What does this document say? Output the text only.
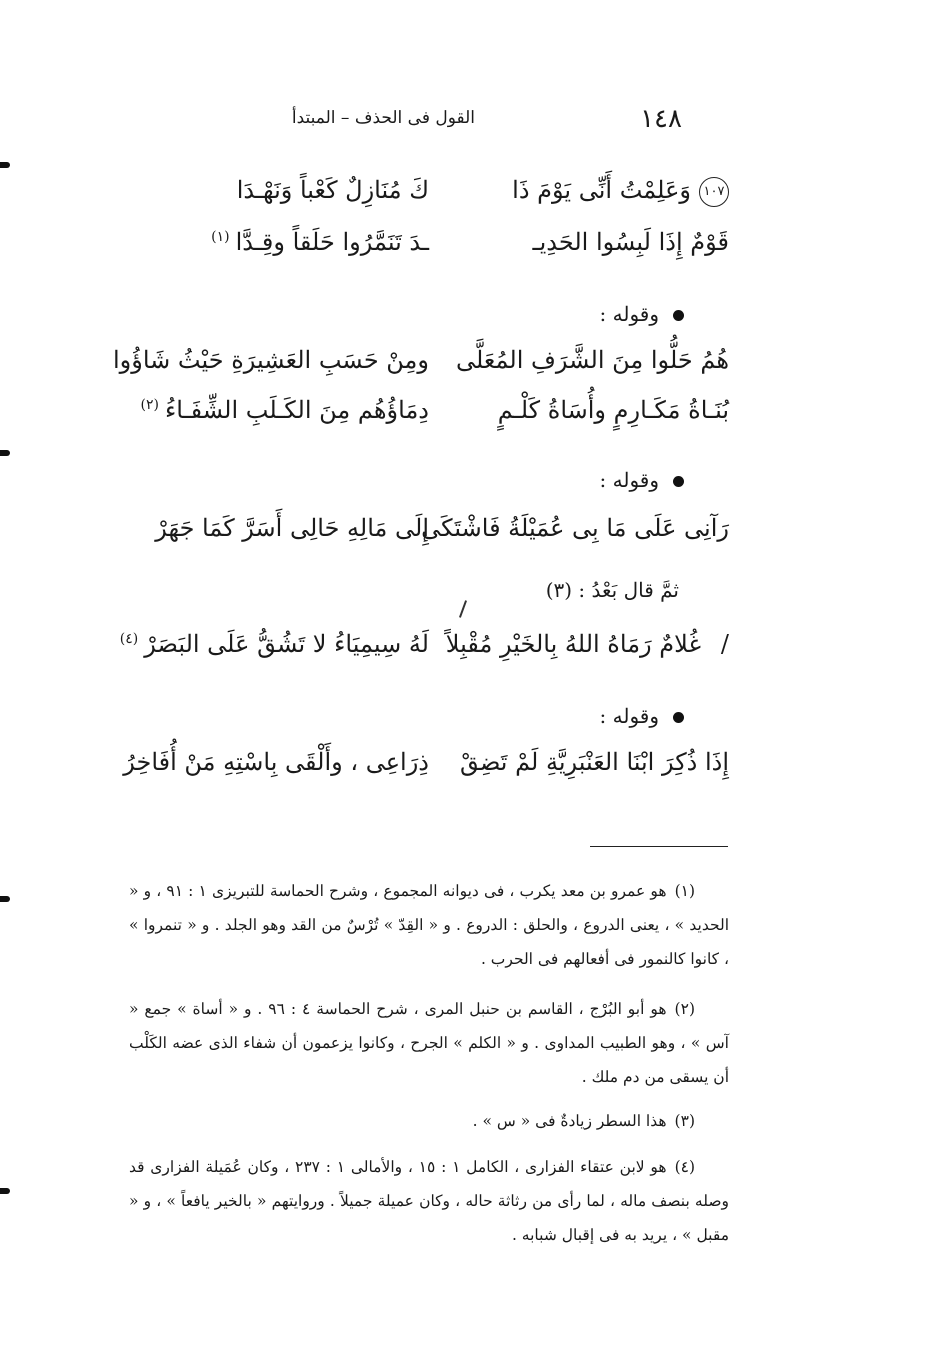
١٤٨
القول فى الحذف – المبتدأ
١٠٧وَعَلِمْتُ أَنِّى يَوْمَ ذَا
كَ مُنَازِلٌ كَعْباً وَنَهْـدَا
قَوْمٌ إِذَا لَبِسُوا الحَدِيـ
ـدَ تَنَمَّرُوا حَلَقاً وقِـدَّا$^{(١)}$
وقوله :
هُمُ حَلُّوا مِنَ الشَّرَفِ المُعَلَّى
ومِنْ حَسَبِ العَشِيرَةِ حَيْثُ شَاؤُوا
بُنَـاةُ مَكَـارِمٍ وأُسَاةُ كَلْـمٍ
دِمَاؤُهُم مِنَ الكَـلَبِ الشِّفَـاءُ$^{(٢)}$
وقوله :
رَآنِى عَلَى مَا بِى عُمَيْلَةُ فَاشْتَكَى
إِلَى مَالِهِ حَالِى أَسَرَّ كَمَا جَهَرْ
ثمَّ قال بَعْدُ : (٣)
غُلامٌ رَمَاهُ اللهُ بِالخَيْرِ مُقْبِلاً
لَهُ سِيمِيَاءُ لا تَشُقُّ عَلَى البَصَرْ$^{(٤)}$	/
وقوله :
إِذَا ذُكِرَ ابْنَا العَنْبَرِيَّةِ لَمْ تَضِقْ
ذِرَاعِى ، وأَلْقَى بِاسْتِهِ مَنْ أُفَاخِرُ
(١)هو عمرو بن معد يكرب ، فى ديوانه المجموع ، وشرح الحماسة للتبريزى ١ : ٩١ ، و « الحديد » ، يعنى الدروع ، والحلق : الدروع . و « القِدّ » تُرْسٌ من القد وهو الجلد . و « تنمروا » ، كانوا كالنمور فى أفعالهم فى الحرب .
(٢)هو أبو البُرْج ، القاسم بن حنبل المرى ، شرح الحماسة ٤ : ٩٦ . و « أساة » جمع « آس » ، وهو الطبيب المداوى . و « الكلم » الجرح ، وكانوا يزعمون أن شفاء الذى عضه الكَلْب أن يسقى من دم ملك .
(٣)هذا السطر زيادةٌ فى « س » .
(٤)هو لابن عتقاء الفزارى ، الكامل ١ : ١٥ ، والأمالى ١ : ٢٣٧ ، وكان عُمَيلة الفزارى قد وصله بنصف ماله ، لما رأى من رثاثة حاله ، وكان عميلة جميلاً . وروايتهم « بالخير يافعاً » ، و « مقبل » ، يريد به فى إقبال شبابه .
